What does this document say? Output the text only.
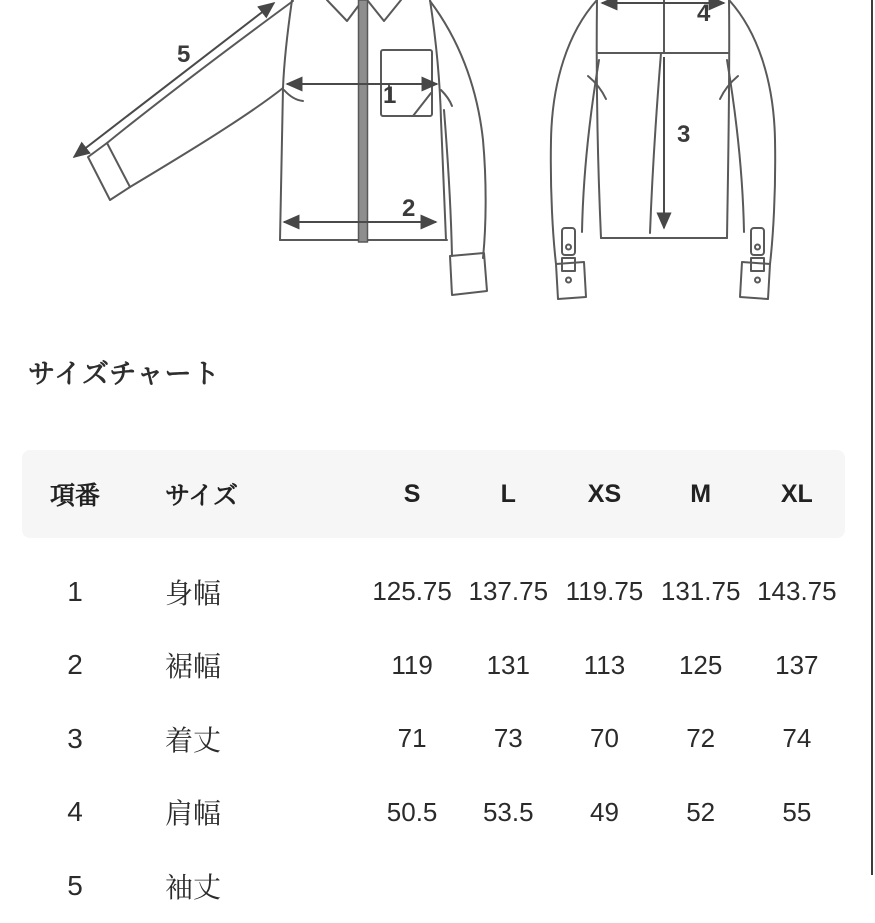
1
2
3
4
5
サイズチャート
項番	サイズ	S	L	XS	M	XL
1	身幅	125.75 137.75 119.75 131.75 143.75
2	裾幅	119	131	113	125	137
3	着丈	71	73	70	72	74
4	肩幅	50.5	53.5	49	52	55
5	袖丈
